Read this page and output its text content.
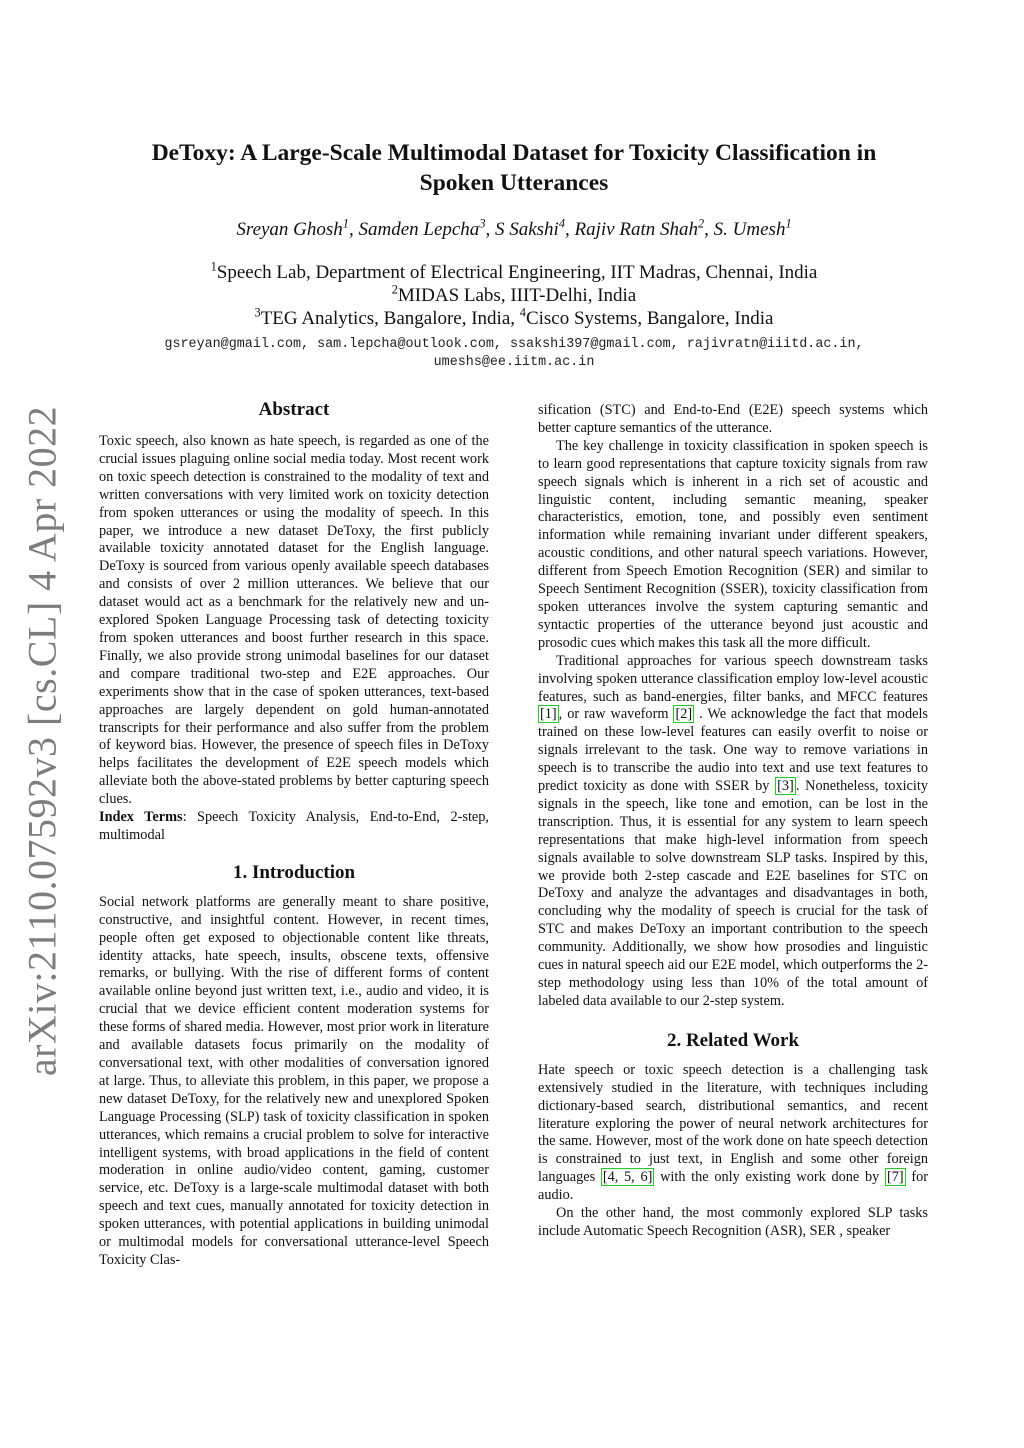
arXiv:2110.07592v3 [cs.CL] 4 Apr 2022
DeToxy: A Large-Scale Multimodal Dataset for Toxicity Classification in
Spoken Utterances
Sreyan Ghosh$^1$, Samden Lepcha$^3$, S Sakshi$^4$, Rajiv Ratn Shah$^2$, S. Umesh$^1$
$^1$Speech Lab, Department of Electrical Engineering, IIT Madras, Chennai, India
$^2$MIDAS Labs, IIIT-Delhi, India
$^3$TEG Analytics, Bangalore, India, $^4$Cisco Systems, Bangalore, India
gsreyan@gmail.com, sam.lepcha@outlook.com, ssakshi397@gmail.com, rajivratn@iiitd.ac.in,
umeshs@ee.iitm.ac.in
Abstract

Toxic speech, also known as hate speech, is regarded as one of the crucial issues plaguing online social media today. Most recent work on toxic speech detection is constrained to the modality of text and written conversations with very limited work on toxicity detection from spoken utterances or using the modality of speech. In this paper, we introduce a new dataset DeToxy, the first publicly available toxicity annotated dataset for the English language. DeToxy is sourced from various openly available speech databases and consists of over 2 million utterances. We believe that our dataset would act as a benchmark for the relatively new and un-explored Spoken Language Processing task of detecting toxicity from spoken utterances and boost further research in this space. Finally, we also provide strong unimodal baselines for our dataset and compare traditional two-step and E2E approaches. Our experiments show that in the case of spoken utterances, text-based approaches are largely dependent on gold human-annotated transcripts for their performance and also suffer from the problem of keyword bias. However, the presence of speech files in DeToxy helps facilitates the development of E2E speech models which alleviate both the above-stated problems by better capturing speech clues.

Index Terms: Speech Toxicity Analysis, End-to-End, 2-step, multimodal

1. Introduction

Social network platforms are generally meant to share positive, constructive, and insightful content. However, in recent times, people often get exposed to objectionable content like threats, identity attacks, hate speech, insults, obscene texts, offensive remarks, or bullying. With the rise of different forms of content available online beyond just written text, i.e., audio and video, it is crucial that we device efficient content moderation systems for these forms of shared media. However, most prior work in literature and available datasets focus primarily on the modality of conversational text, with other modalities of conversation ignored at large. Thus, to alleviate this problem, in this paper, we propose a new dataset DeToxy, for the relatively new and unexplored Spoken Language Processing (SLP) task of toxicity classification in spoken utterances, which remains a crucial problem to solve for interactive intelligent systems, with broad applications in the field of content moderation in online audio/video content, gaming, customer service, etc. DeToxy is a large-scale multimodal dataset with both speech and text cues, manually annotated for toxicity detection in spoken utterances, with potential applications in building unimodal or multimodal models for conversational utterance-level Speech Toxicity Clas-

sification (STC) and End-to-End (E2E) speech systems which better capture semantics of the utterance.

The key challenge in toxicity classification in spoken speech is to learn good representations that capture toxicity signals from raw speech signals which is inherent in a rich set of acoustic and linguistic content, including semantic meaning, speaker characteristics, emotion, tone, and possibly even sentiment information while remaining invariant under different speakers, acoustic conditions, and other natural speech variations. However, different from Speech Emotion Recognition (SER) and similar to Speech Sentiment Recognition (SSER), toxicity classification from spoken utterances involve the system capturing semantic and syntactic properties of the utterance beyond just acoustic and prosodic cues which makes this task all the more difficult.

Traditional approaches for various speech downstream tasks involving spoken utterance classification employ low-level acoustic features, such as band-energies, filter banks, and MFCC features [1] , or raw waveform [2] . We acknowledge the fact that models trained on these low-level features can easily overfit to noise or signals irrelevant to the task. One way to remove variations in speech is to transcribe the audio into text and use text features to predict toxicity as done with SSER by [3] . Nonetheless, toxicity signals in the speech, like tone and emotion, can be lost in the transcription. Thus, it is essential for any system to learn speech representations that make high-level information from speech signals available to solve downstream SLP tasks. Inspired by this, we provide both 2-step cascade and E2E baselines for STC on DeToxy and analyze the advantages and disadvantages in both, concluding why the modality of speech is crucial for the task of STC and makes DeToxy an important contribution to the speech community. Additionally, we show how prosodies and linguistic cues in natural speech aid our E2E model, which outperforms the 2-step methodology using less than 10% of the total amount of labeled data available to our 2-step system.

2. Related Work

Hate speech or toxic speech detection is a challenging task extensively studied in the literature, with techniques including dictionary-based search, distributional semantics, and recent literature exploring the power of neural network architectures for the same. However, most of the work done on hate speech detection is constrained to just text, in English and some other foreign languages [4, 5, 6] with the only existing work done by [7] for audio.

On the other hand, the most commonly explored SLP tasks include Automatic Speech Recognition (ASR), SER , speaker
